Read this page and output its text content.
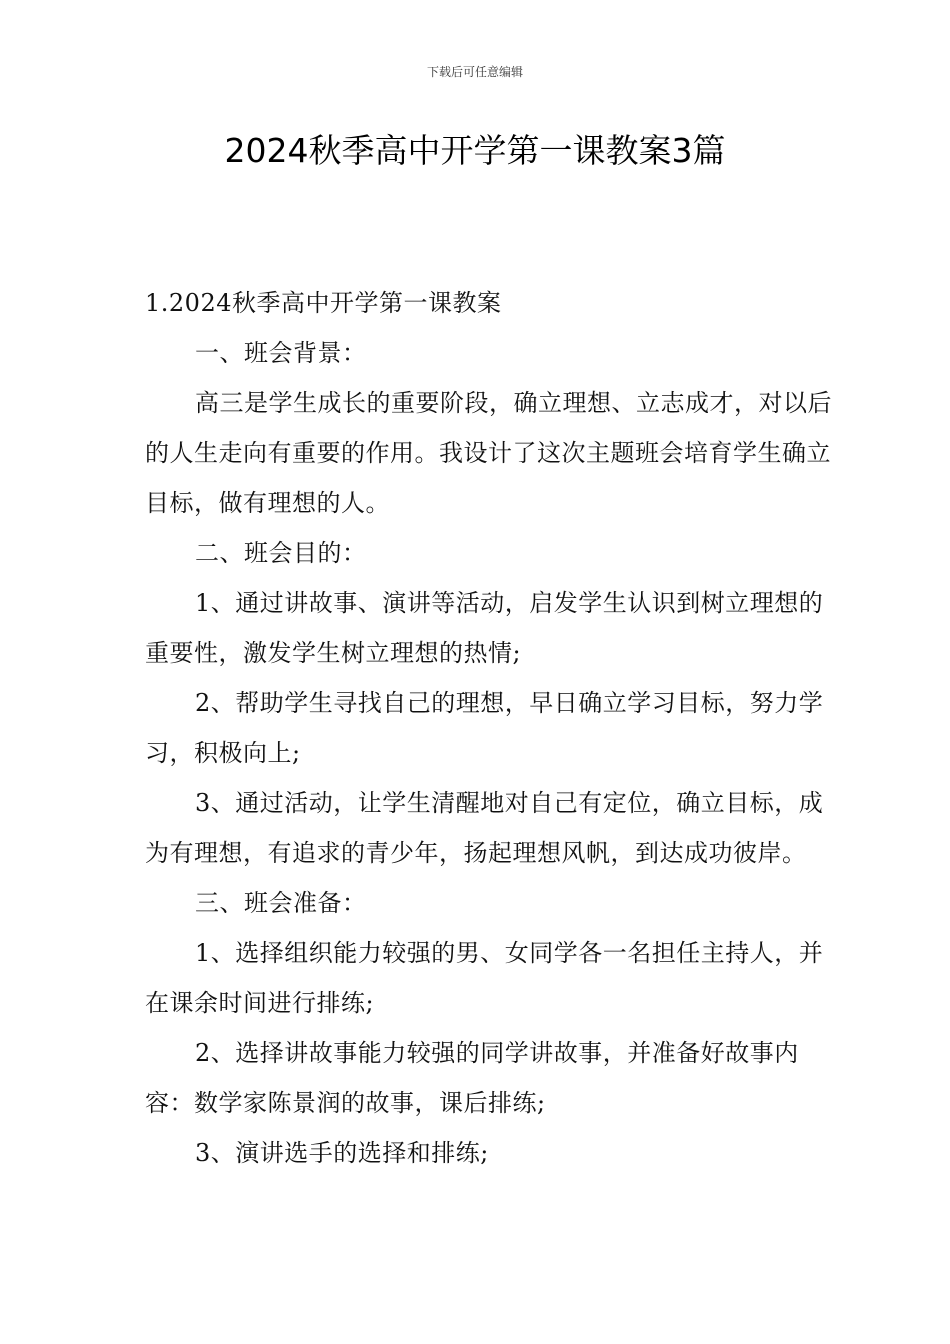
下载后可任意编辑
2024秋季高中开学第一课教案3篇

1.2024秋季高中开学第一课教案

一、班会背景：

高三是学生成长的重要阶段，确立理想、立志成才，对以后的人生走向有重要的作用。我设计了这次主题班会培育学生确立目标，做有理想的人。

二、班会目的：

1、通过讲故事、演讲等活动，启发学生认识到树立理想的重要性，激发学生树立理想的热情;

2、帮助学生寻找自己的理想，早日确立学习目标，努力学习，积极向上;

3、通过活动，让学生清醒地对自己有定位，确立目标，成为有理想，有追求的青少年，扬起理想风帆，到达成功彼岸。

三、班会准备：

1、选择组织能力较强的男、女同学各一名担任主持人，并在课余时间进行排练;

2、选择讲故事能力较强的同学讲故事，并准备好故事内容：数学家陈景润的故事，课后排练;

3、演讲选手的选择和排练;
